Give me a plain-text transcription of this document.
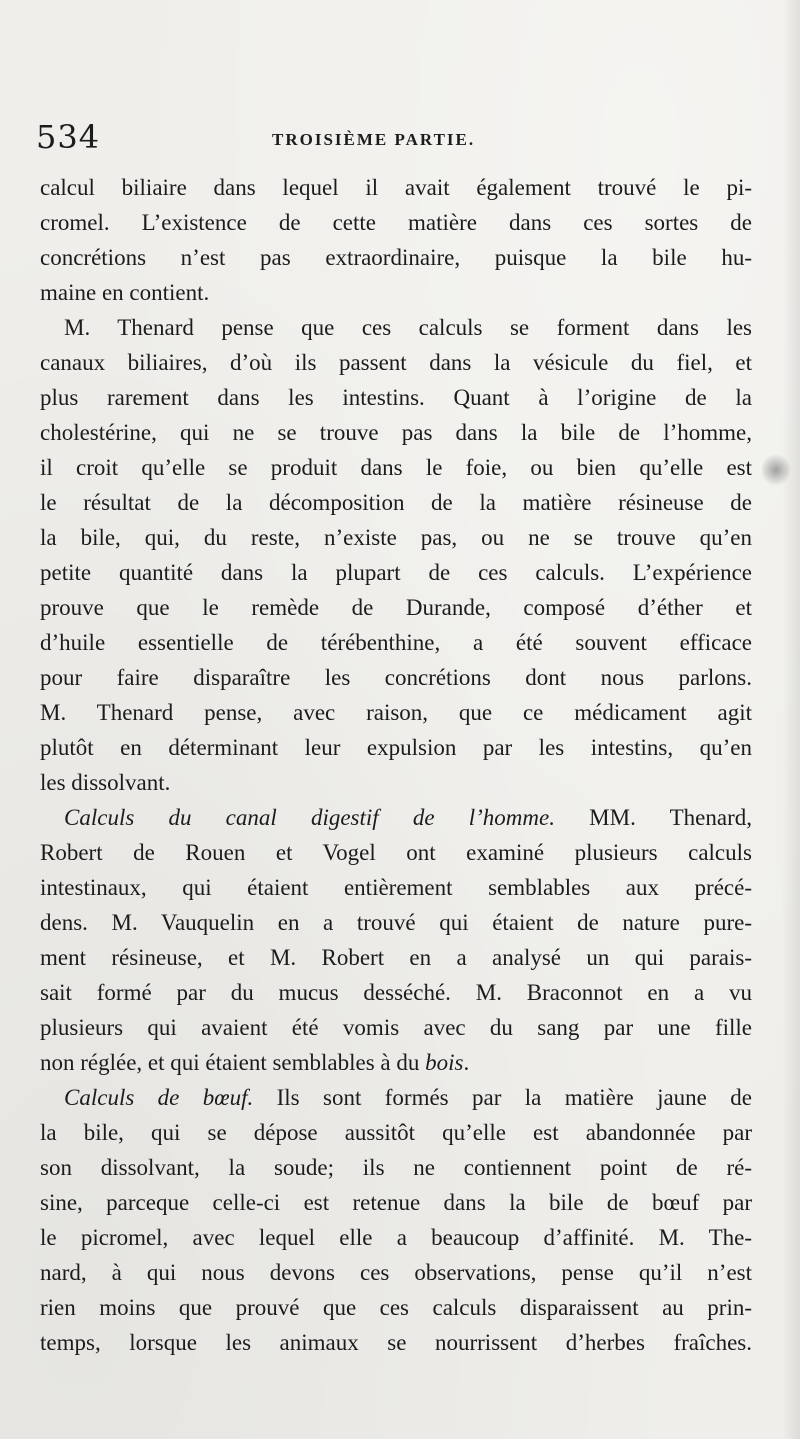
534	TROISIÈME PARTIE.
calcul biliaire dans lequel il avait également trouvé le pi-
cromel. L’existence de cette matière dans ces sortes de
concrétions n’est pas extraordinaire, puisque la bile hu-
maine en contient.
M. Thenard pense que ces calculs se forment dans les
canaux biliaires, d’où ils passent dans la vésicule du fiel, et
plus rarement dans les intestins. Quant à l’origine de la
cholestérine, qui ne se trouve pas dans la bile de l’homme,
il croit qu’elle se produit dans le foie, ou bien qu’elle est
le résultat de la décomposition de la matière résineuse de
la bile, qui, du reste, n’existe pas, ou ne se trouve qu’en
petite quantité dans la plupart de ces calculs. L’expérience
prouve que le remède de Durande, composé d’éther et
d’huile essentielle de térébenthine, a été souvent efficace
pour faire disparaître les concrétions dont nous parlons.
M. Thenard pense, avec raison, que ce médicament agit
plutôt en déterminant leur expulsion par les intestins, qu’en
les dissolvant.
Calculs du canal digestif de l’homme. MM. Thenard,
Robert de Rouen et Vogel ont examiné plusieurs calculs
intestinaux, qui étaient entièrement semblables aux précé-
dens. M. Vauquelin en a trouvé qui étaient de nature pure-
ment résineuse, et M. Robert en a analysé un qui parais-
sait formé par du mucus desséché. M. Braconnot en a vu
plusieurs qui avaient été vomis avec du sang par une fille
non réglée, et qui étaient semblables à du bois.
Calculs de bœuf. Ils sont formés par la matière jaune de
la bile, qui se dépose aussitôt qu’elle est abandonnée par
son dissolvant, la soude; ils ne contiennent point de ré-
sine, parceque celle-ci est retenue dans la bile de bœuf par
le picromel, avec lequel elle a beaucoup d’affinité. M. The-
nard, à qui nous devons ces observations, pense qu’il n’est
rien moins que prouvé que ces calculs disparaissent au prin-
temps, lorsque les animaux se nourrissent d’herbes fraîches.
